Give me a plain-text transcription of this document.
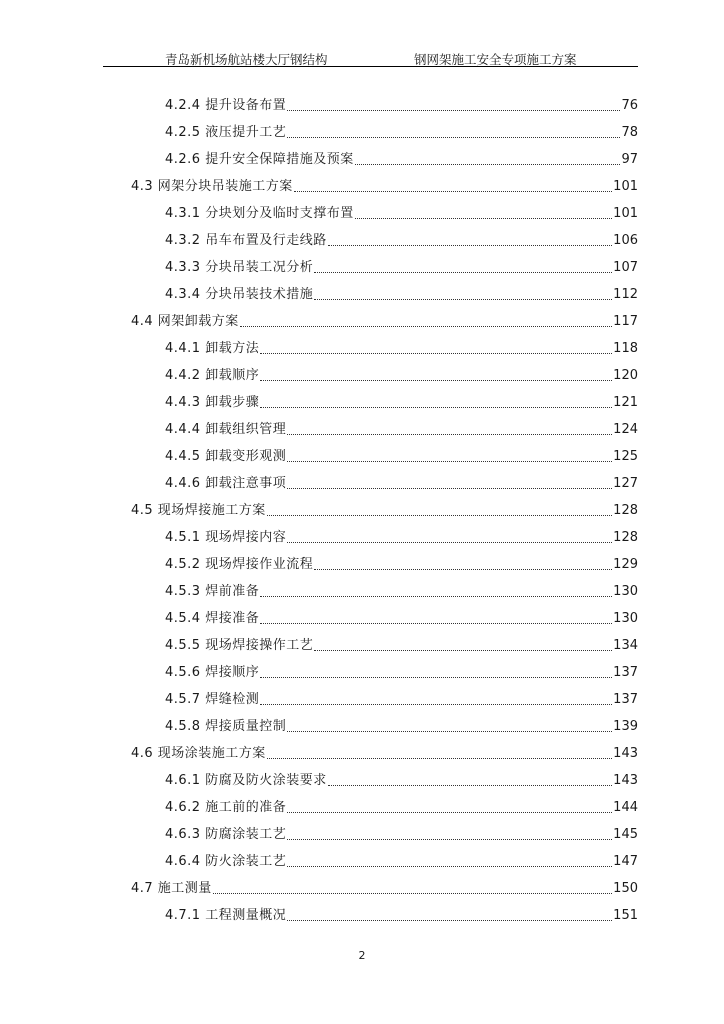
青岛新机场航站楼大厅钢结构	钢网架施工安全专项施工方案
4.2.4 提升设备布置	76
4.2.5 液压提升工艺	78
4.2.6 提升安全保障措施及预案	97
4.3 网架分块吊装施工方案	101
4.3.1 分块划分及临时支撑布置	101
4.3.2 吊车布置及行走线路	106
4.3.3 分块吊装工况分析	107
4.3.4 分块吊装技术措施	112
4.4 网架卸载方案	117
4.4.1 卸载方法	118
4.4.2 卸载顺序	120
4.4.3 卸载步骤	121
4.4.4 卸载组织管理	124
4.4.5 卸载变形观测	125
4.4.6 卸载注意事项	127
4.5 现场焊接施工方案	128
4.5.1 现场焊接内容	128
4.5.2 现场焊接作业流程	129
4.5.3 焊前准备	130
4.5.4 焊接准备	130
4.5.5 现场焊接操作工艺	134
4.5.6 焊接顺序	137
4.5.7 焊缝检测	137
4.5.8 焊接质量控制	139
4.6 现场涂装施工方案	143
4.6.1 防腐及防火涂装要求	143
4.6.2 施工前的准备	144
4.6.3 防腐涂装工艺	145
4.6.4 防火涂装工艺	147
4.7 施工测量	150
4.7.1 工程测量概况	151
2
